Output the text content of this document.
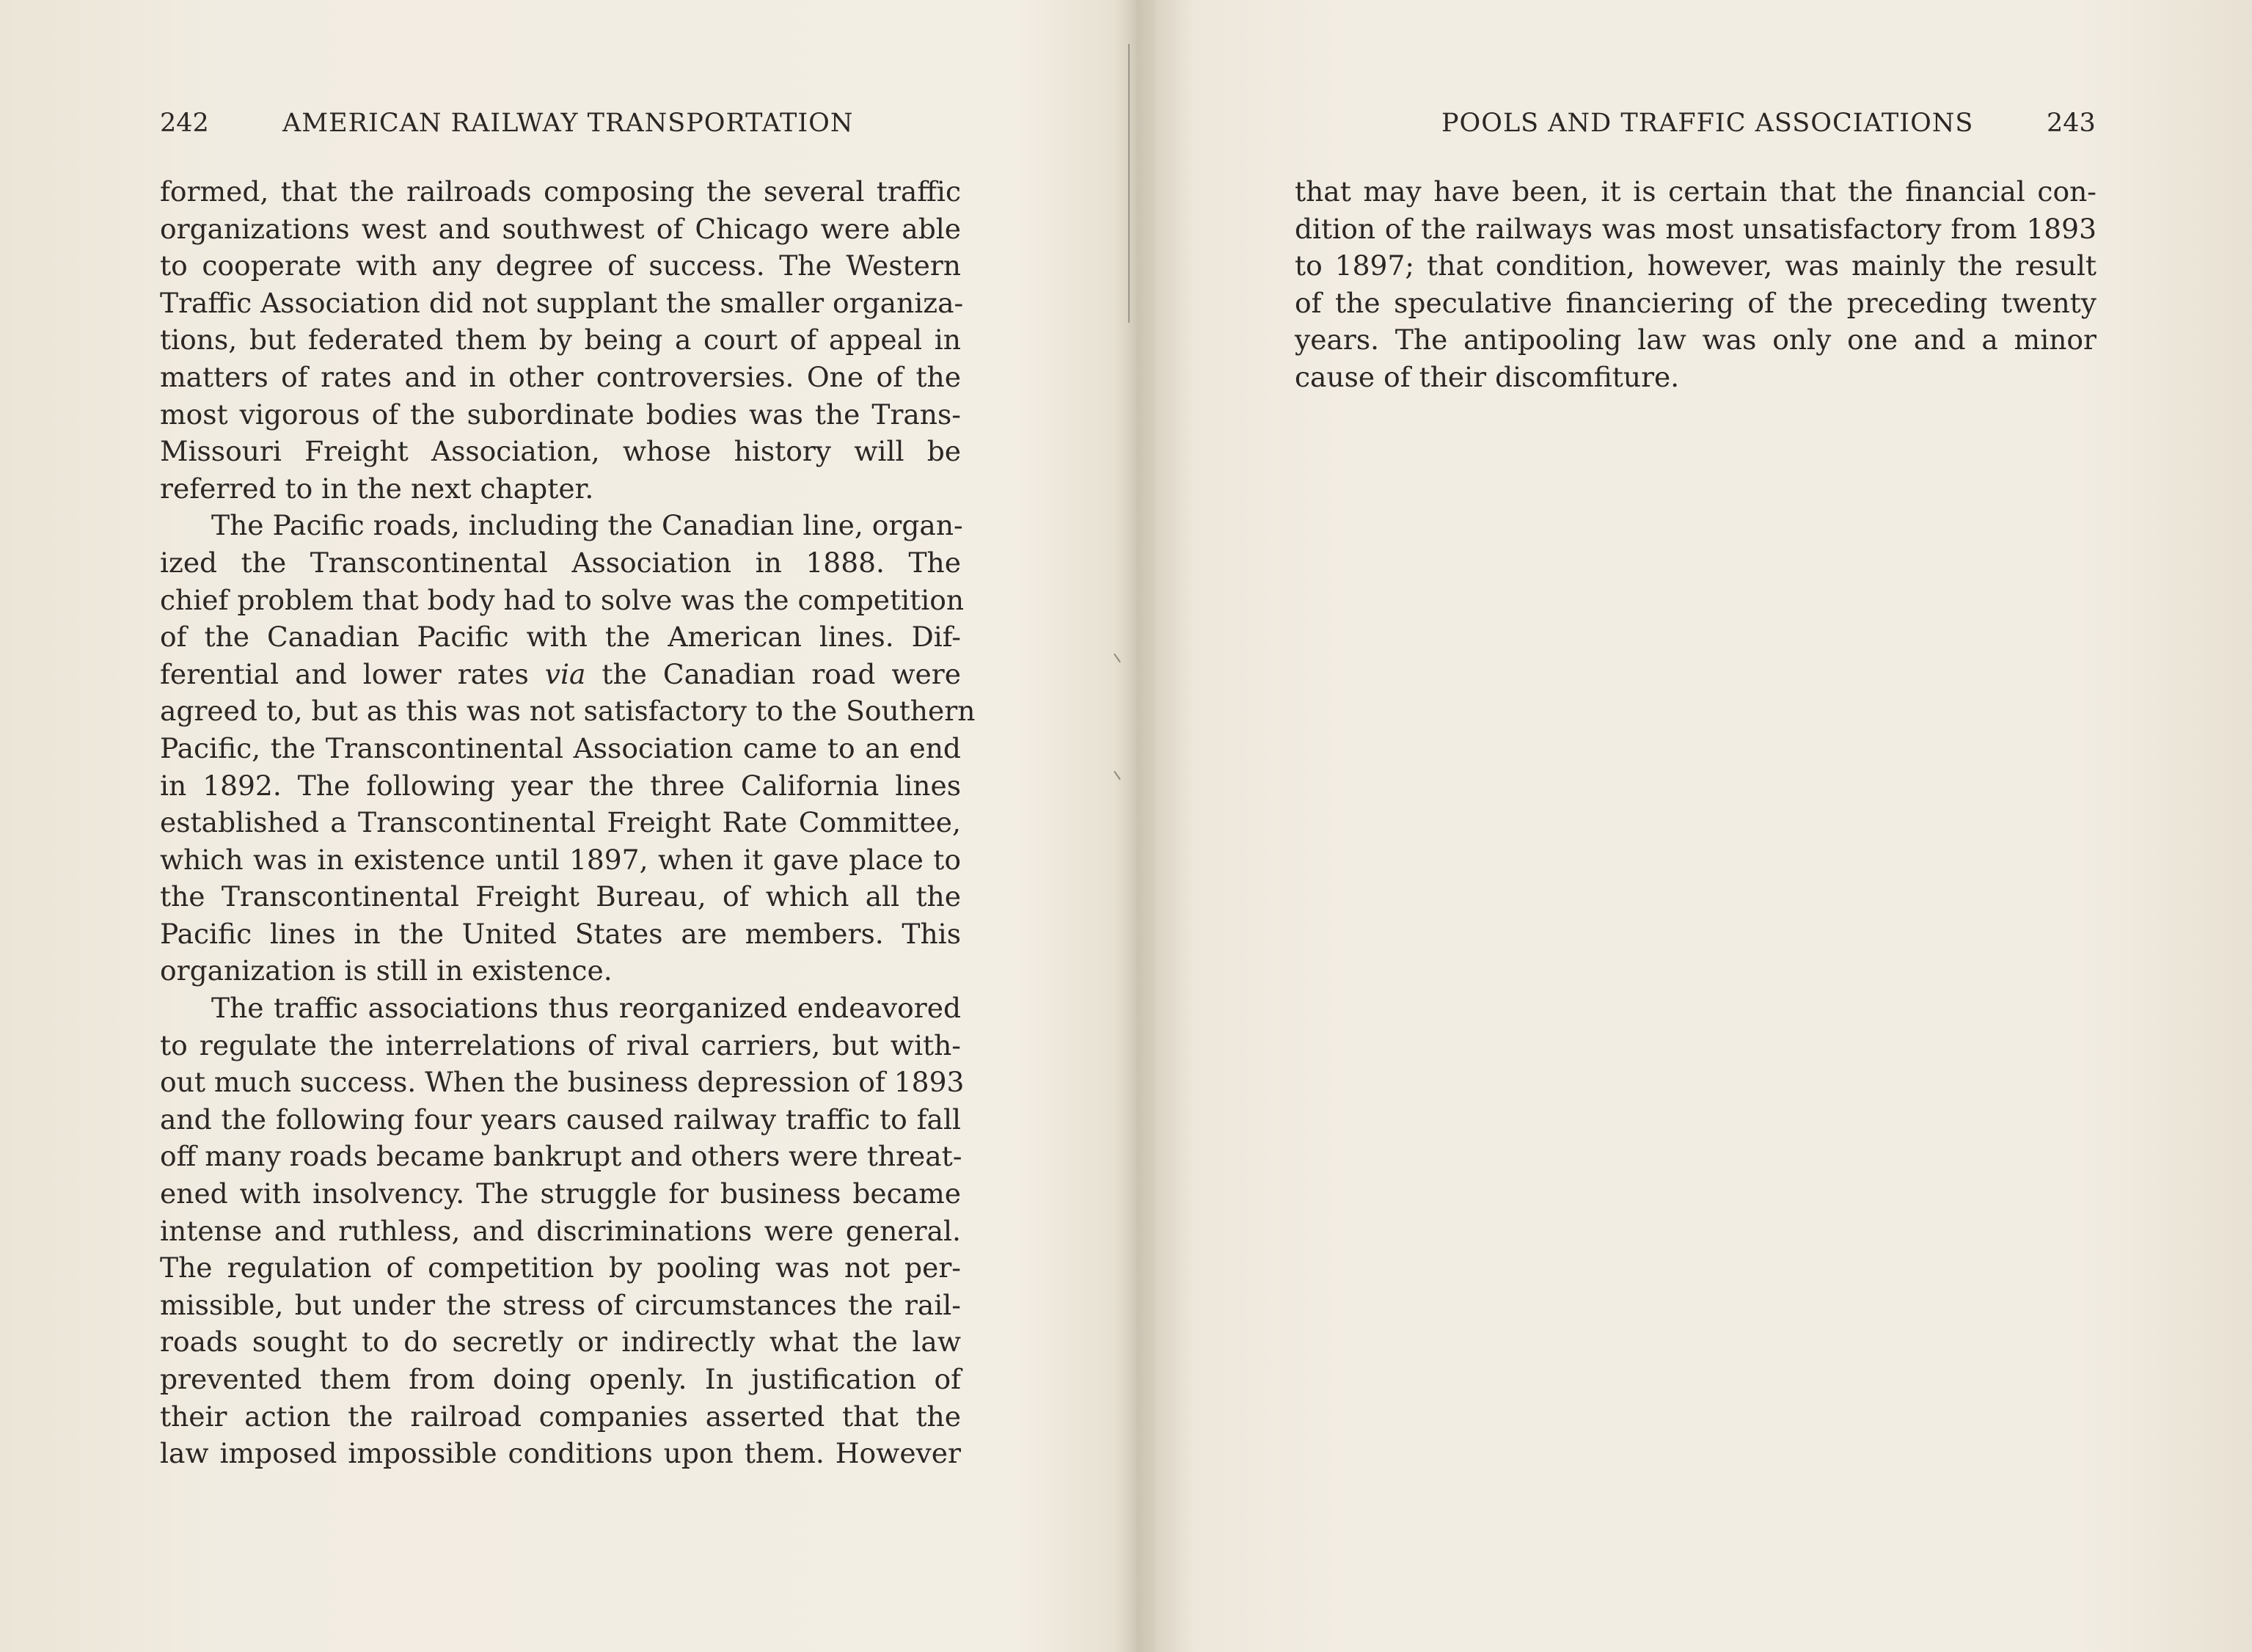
242	AMERICAN RAILWAY TRANSPORTATION
formed, that the railroads composing the several traffic
organizations west and southwest of Chicago were able
to cooperate with any degree of success. The Western
Traffic Association did not supplant the smaller organiza-
tions, but federated them by being a court of appeal in
matters of rates and in other controversies. One of the
most vigorous of the subordinate bodies was the Trans-
Missouri Freight Association, whose history will be
referred to in the next chapter.
The Pacific roads, including the Canadian line, organ-
ized the Transcontinental Association in 1888. The
chief problem that body had to solve was the competition
of the Canadian Pacific with the American lines. Dif-
ferential and lower rates via the Canadian road were
agreed to, but as this was not satisfactory to the Southern
Pacific, the Transcontinental Association came to an end
in 1892. The following year the three California lines
established a Transcontinental Freight Rate Committee,
which was in existence until 1897, when it gave place to
the Transcontinental Freight Bureau, of which all the
Pacific lines in the United States are members. This
organization is still in existence.
The traffic associations thus reorganized endeavored
to regulate the interrelations of rival carriers, but with-
out much success. When the business depression of 1893
and the following four years caused railway traffic to fall
off many roads became bankrupt and others were threat-
ened with insolvency. The struggle for business became
intense and ruthless, and discriminations were general.
The regulation of competition by pooling was not per-
missible, but under the stress of circumstances the rail-
roads sought to do secretly or indirectly what the law
prevented them from doing openly. In justification of
their action the railroad companies asserted that the
law imposed impossible conditions upon them. However
POOLS AND TRAFFIC ASSOCIATIONS	243
that may have been, it is certain that the financial con-
dition of the railways was most unsatisfactory from 1893
to 1897; that condition, however, was mainly the result
of the speculative financiering of the preceding twenty
years. The antipooling law was only one and a minor
cause of their discomfiture.
